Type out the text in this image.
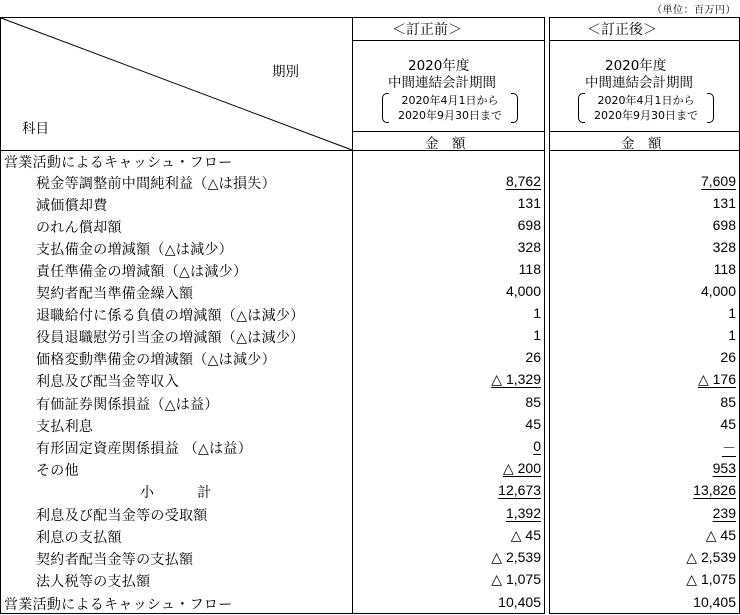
（単位：百万円）
期別
科目
＜訂正前＞
2020年度
中間連結会計期間
2020年4月1日から
2020年9月30日まで
金　額
＜訂正後＞
2020年度
中間連結会計期間
2020年4月1日から
2020年9月30日まで
金　額
営業活動によるキャッシュ・フロー
税金等調整前中間純利益（△は損失）	8,762	7,609
減価償却費	131	131
のれん償却額	698	698
支払備金の増減額（△は減少）	328	328
責任準備金の増減額（△は減少）	118	118
契約者配当準備金繰入額	4,000	4,000
退職給付に係る負債の増減額（△は減少）	1	1
役員退職慰労引当金の増減額（△は減少）	1	1
価格変動準備金の増減額（△は減少）	26	26
利息及び配当金等収入	△ 1,329	△ 176
有価証券関係損益（△は益）	85	85
支払利息	45	45
有形固定資産関係損益 （△は益）	0	－
その他	△ 200	953
小　　　計	12,673	13,826
利息及び配当金等の受取額	1,392	239
利息の支払額	△ 45	△ 45
契約者配当金等の支払額	△ 2,539	△ 2,539
法人税等の支払額	△ 1,075	△ 1,075
営業活動によるキャッシュ・フロー	10,405	10,405
